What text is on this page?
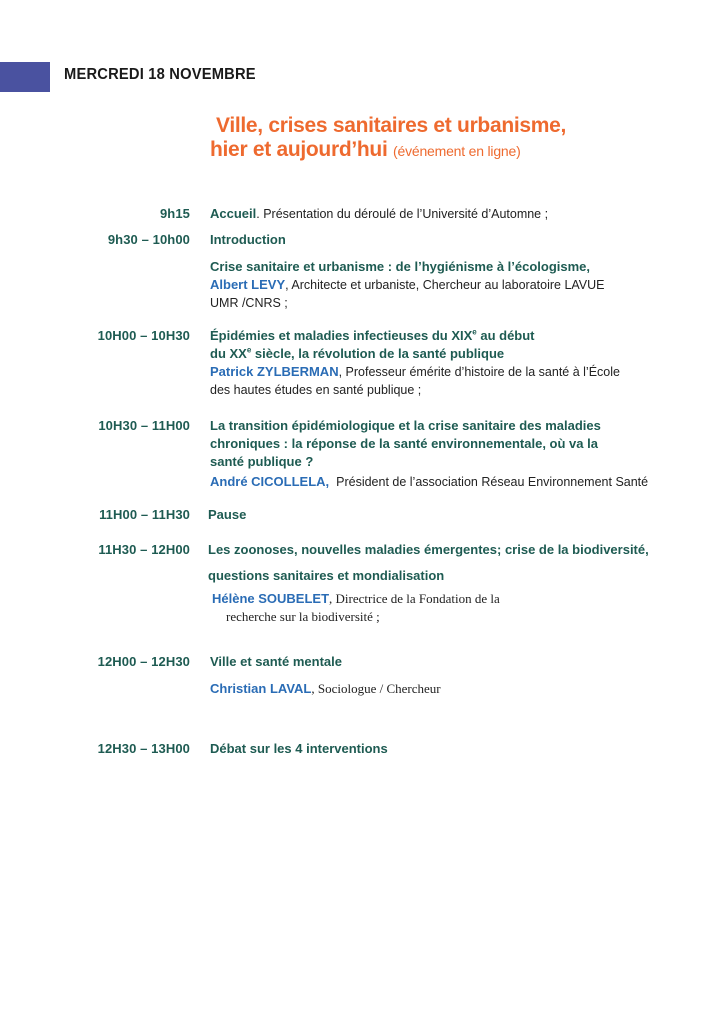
MERCREDI 18 NOVEMBRE
Ville, crises sanitaires et urbanisme,
hier et aujourd’hui (événement en ligne)
9h15 Accueil. Présentation du déroulé de l’Université d’Automne ;
9h30 – 10h00 Introduction
Crise sanitaire et urbanisme : de l’hygiénisme à l’écologisme,
Albert LEVY, Architecte et urbaniste, Chercheur au laboratoire LAVUE
UMR /CNRS ;
10H00 – 10H30 Épidémies et maladies infectieuses du XIXe au début
du XXe siècle, la révolution de la santé publique
Patrick ZYLBERMAN, Professeur émérite d’histoire de la santé à l’École
des hautes études en santé publique ;
10H30 – 11H00 La transition épidémiologique et la crise sanitaire des maladies
chroniques : la réponse de la santé environnementale, où va la
santé publique ?
André CICOLLELA,  Président de l’association Réseau Environnement Santé
11H00 – 11H30 Pause
11H30 – 12H00 Les zoonoses, nouvelles maladies émergentes; crise de la biodiversité,
questions sanitaires et mondialisation
Hélène SOUBELET, Directrice de la Fondation de la
recherche sur la biodiversité ;
12H00 – 12H30 Ville et santé mentale
Christian LAVAL, Sociologue / Chercheur
12H30 – 13H00 Débat sur les 4 interventions
